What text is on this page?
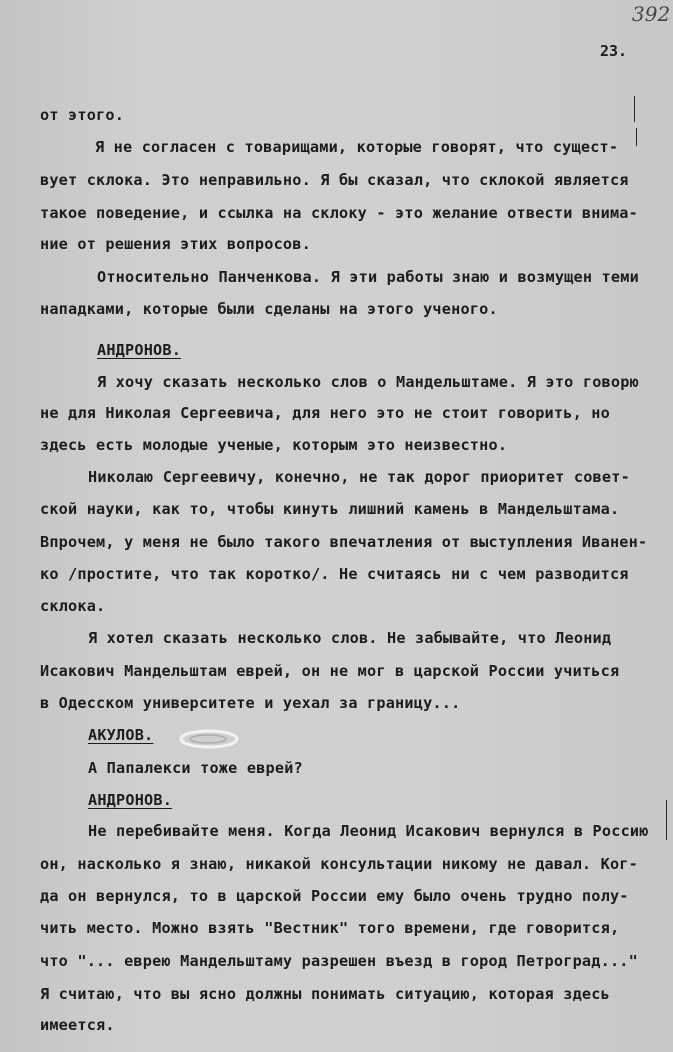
392
23.
от этого.
Я не согласен с товарищами, которые говорят, что сущест-
вует склока. Это неправильно. Я бы сказал, что склокой является
такое поведение, и ссылка на склоку - это желание отвести внима-
ние от решения этих вопросов.
Относительно Панченкова. Я эти работы знаю и возмущен теми
нападками, которые были сделаны на этого ученого.
АНДРОНОВ.
Я хочу сказать несколько слов о Мандельштаме. Я это говорю
не для Николая Сергеевича, для него это не стоит говорить, но
здесь есть молодые ученые, которым это неизвестно.
Николаю Сергеевичу, конечно, не так дорог приоритет совет-
ской науки, как то, чтобы кинуть лишний камень в Мандельштама.
Впрочем, у меня не было такого впечатления от выступления Иванен-
ко /простите, что так коротко/. Не считаясь ни с чем разводится
склока.
Я хотел сказать несколько слов. Не забывайте, что Леонид
Исакович Мандельштам еврей, он не мог в царской России учиться
в Одесском университете и уехал за границу...
АКУЛОВ.
А Папалекси тоже еврей?
АНДРОНОВ.
Не перебивайте меня. Когда Леонид Исакович вернулся в Россию
он, насколько я знаю, никакой консультации никому не давал. Ког-
да он вернулся, то в царской России ему было очень трудно полу-
чить место. Можно взять "Вестник" того времени, где говорится,
что "... еврею Мандельштаму разрешен въезд в город Петроград..."
Я считаю, что вы ясно должны понимать ситуацию, которая здесь
имеется.
